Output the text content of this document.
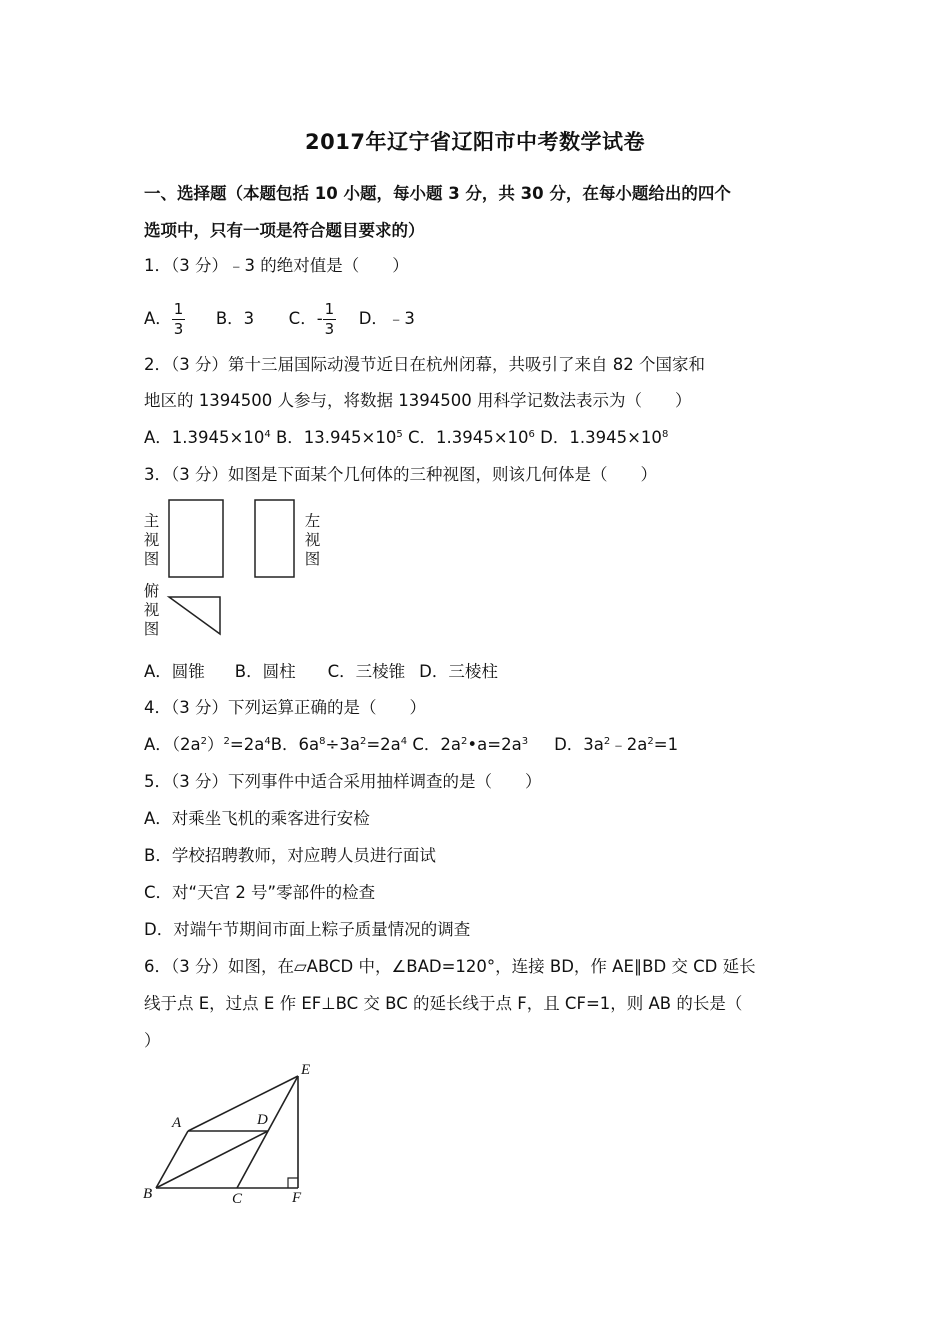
2017年辽宁省辽阳市中考数学试卷
一、选择题（本题包括 10 小题，每小题 3 分，共 30 分，在每小题给出的四个
选项中，只有一项是符合题目要求的）
1．（3 分）﹣3 的绝对值是（　　）
A． $\frac{1}{3}$ B．3 C．- $\frac{1}{3}$ D．﹣3
2．（3 分）第十三届国际动漫节近日在杭州闭幕，共吸引了来自 82 个国家和
地区的 1394500 人参与，将数据 1394500 用科学记数法表示为（　　）
A．$1.3945\times 10^4$ B．$13.945\times 10^5$ C．$1.3945\times 10^6$ D．$1.3945\times 10^8$
3．（3 分）如图是下面某个几何体的三种视图，则该几何体是（　　）
主视图
左视图
俯视图
A．圆锥 B．圆柱 C．三棱锥 D．三棱柱
4．（3 分）下列运算正确的是（　　）
A．$(2a^2)^2=2a^4B$．$6a^8\div 3a^2=2a^4$ C．$2a^2•a=2a^3$ D．$3a^2﹣2a^2=1$
5．（3 分）下列事件中适合采用抽样调查的是（　　）
A．对乘坐飞机的乘客进行安检
B．学校招聘教师，对应聘人员进行面试
C．对“天宫 2 号”零部件的检查
D．对端午节期间市面上粽子质量情况的调查
6．（3 分）如图，在▱ABCD 中，∠BAD=120°，连接 BD，作 AE∥BD 交 CD 延长
线于点 E，过点 E 作 EF⊥BC 交 BC 的延长线于点 F，且 CF=1，则 AB 的长是（
）
E
A	D
B	C	F
